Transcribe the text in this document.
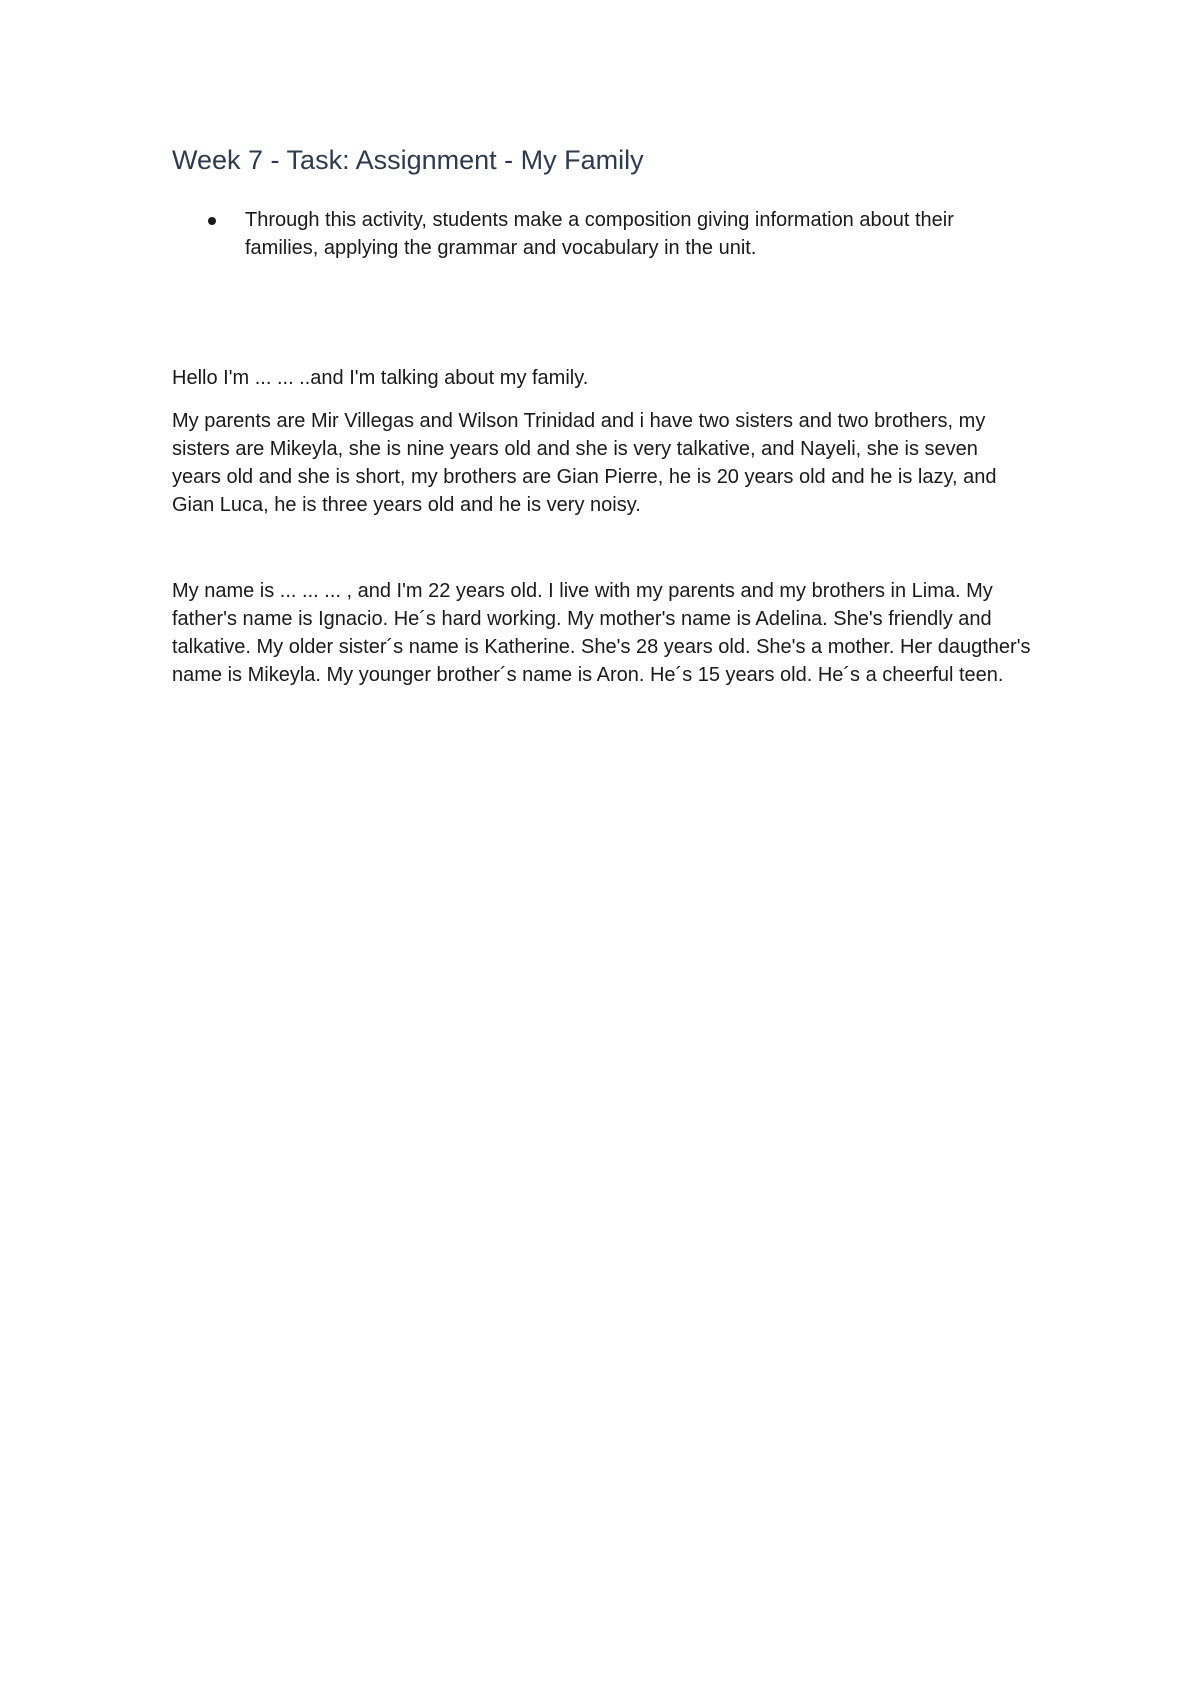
Week 7 - Task: Assignment - My Family
Through this activity, students make a composition giving information about their families, applying the grammar and vocabulary in the unit.

Hello I'm ... ... ..and I'm talking about my family.

My parents are Mir Villegas and Wilson Trinidad and i have two sisters and two brothers, my sisters are Mikeyla, she is nine years old and she is very talkative, and Nayeli, she is seven years old and she is short, my brothers are Gian Pierre, he is 20 years old and he is lazy, and Gian Luca, he is three years old and he is very noisy.

My name is ... ... ... , and I'm 22 years old. I live with my parents and my brothers in Lima. My father's name is Ignacio. He´s hard working. My mother's name is Adelina. She's friendly and talkative. My older sister´s name is Katherine. She's 28 years old. She's a mother. Her daugther's name is Mikeyla. My younger brother´s name is Aron. He´s 15 years old. He´s a cheerful teen.
